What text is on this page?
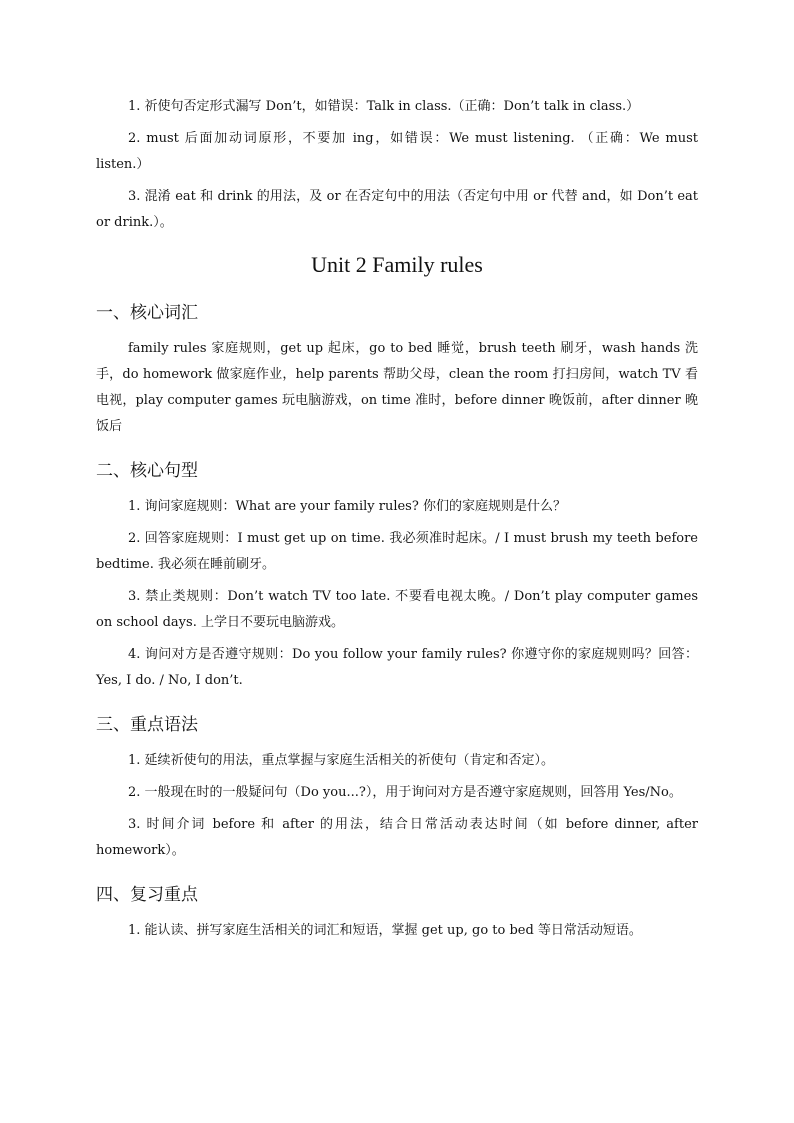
1. 祈使句否定形式漏写 Don’t，如错误：Talk in class.（正确：Don’t talk in class.）

2. must 后面加动词原形，不要加 ing，如错误：We must listening. （正确：We must listen.）

3. 混淆 eat 和 drink 的用法，及 or 在否定句中的用法（否定句中用 or 代替 and，如 Don’t eat or drink.）。

Unit 2 Family rules
一、核心词汇

family rules 家庭规则，get up 起床，go to bed 睡觉，brush teeth 刷牙，wash hands 洗手，do homework 做家庭作业，help parents 帮助父母，clean the room 打扫房间，watch TV 看电视，play computer games 玩电脑游戏，on time 准时，before dinner 晚饭前，after dinner 晚饭后

二、核心句型

1. 询问家庭规则：What are your family rules? 你们的家庭规则是什么？

2. 回答家庭规则：I must get up on time. 我必须准时起床。/ I must brush my teeth before bedtime. 我必须在睡前刷牙。

3. 禁止类规则：Don’t watch TV too late. 不要看电视太晚。/ Don’t play computer games on school days. 上学日不要玩电脑游戏。

4. 询问对方是否遵守规则：Do you follow your family rules? 你遵守你的家庭规则吗？回答：Yes, I do. / No, I don’t.

三、重点语法

1. 延续祈使句的用法，重点掌握与家庭生活相关的祈使句（肯定和否定）。

2. 一般现在时的一般疑问句（Do you...?），用于询问对方是否遵守家庭规则，回答用 Yes/No。

3. 时间介词 before 和 after 的用法，结合日常活动表达时间（如 before dinner, after homework）。

四、复习重点

1. 能认读、拼写家庭生活相关的词汇和短语，掌握 get up, go to bed 等日常活动短语。
